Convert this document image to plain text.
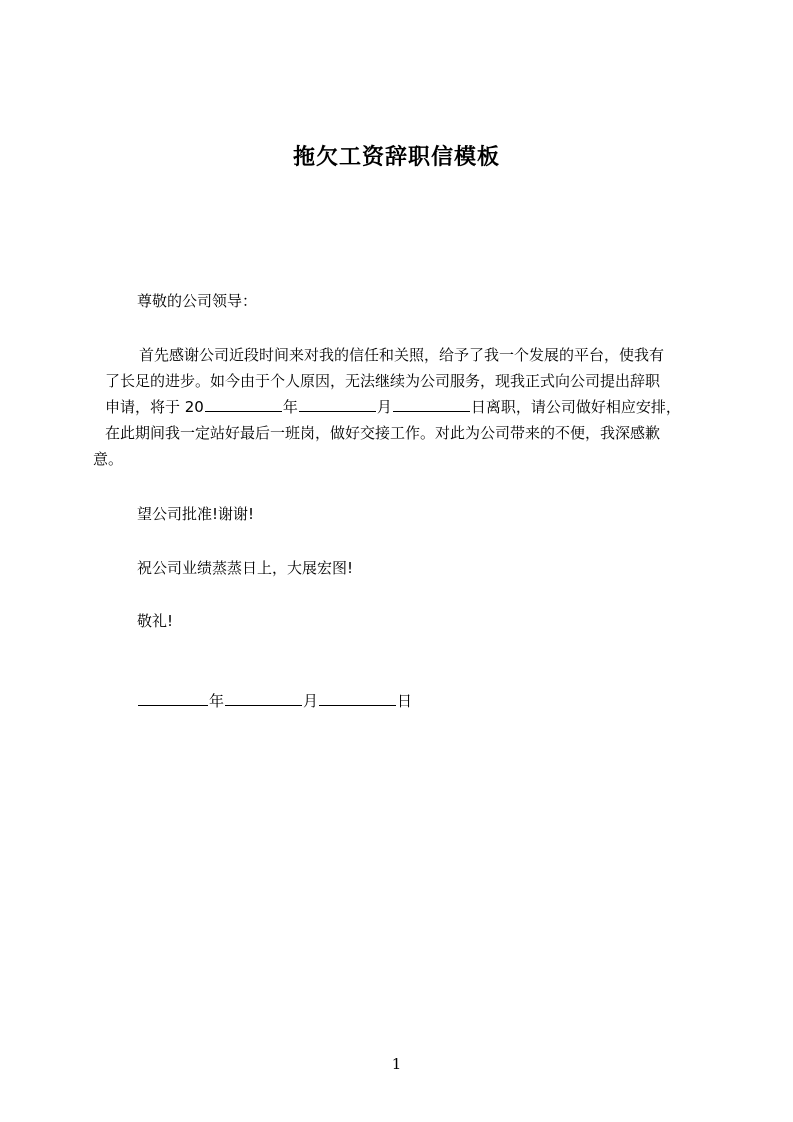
拖欠工资辞职信模板
尊敬的公司领导：
首先感谢公司近段时间来对我的信任和关照，给予了我一个发展的平台，使我有
了长足的进步。如今由于个人原因，无法继续为公司服务，现我正式向公司提出辞职
申请，将于 20	年	月	日离职，请公司做好相应安排，
在此期间我一定站好最后一班岗，做好交接工作。对此为公司带来的不便，我深感歉
意。
望公司批准!谢谢!
祝公司业绩蒸蒸日上，大展宏图!
敬礼!
年	月	日
1
